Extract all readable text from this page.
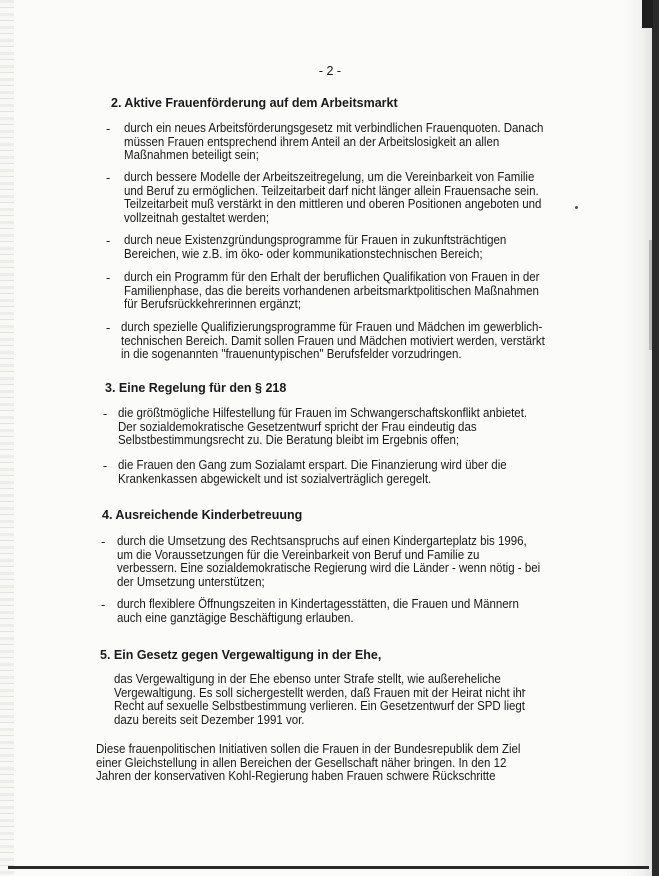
- 2 -
2. Aktive Frauenförderung auf dem Arbeitsmarkt
- durch ein neues Arbeitsförderungsgesetz mit verbindlichen Frauenquoten. Danach
müssen Frauen entsprechend ihrem Anteil an der Arbeitslosigkeit an allen
Maßnahmen beteiligt sein;
- durch bessere Modelle der Arbeitszeitregelung, um die Vereinbarkeit von Familie
und Beruf zu ermöglichen. Teilzeitarbeit darf nicht länger allein Frauensache sein.
Teilzeitarbeit muß verstärkt in den mittleren und oberen Positionen angeboten und
vollzeitnah gestaltet werden;
- durch neue Existenzgründungsprogramme für Frauen in zukunftsträchtigen
Bereichen, wie z.B. im öko- oder kommunikationstechnischen Bereich;
- durch ein Programm für den Erhalt der beruflichen Qualifikation von Frauen in der
Familienphase, das die bereits vorhandenen arbeitsmarktpolitischen Maßnahmen
für Berufsrückkehrerinnen ergänzt;
- durch spezielle Qualifizierungsprogramme für Frauen und Mädchen im gewerblich-
technischen Bereich. Damit sollen Frauen und Mädchen motiviert werden, verstärkt
in die sogenannten "frauenuntypischen" Berufsfelder vorzudringen.
3. Eine Regelung für den § 218
- die größtmögliche Hilfestellung für Frauen im Schwangerschaftskonflikt anbietet.
Der sozialdemokratische Gesetzentwurf spricht der Frau eindeutig das
Selbstbestimmungsrecht zu. Die Beratung bleibt im Ergebnis offen;
- die Frauen den Gang zum Sozialamt erspart. Die Finanzierung wird über die
Krankenkassen abgewickelt und ist sozialverträglich geregelt.
4. Ausreichende Kinderbetreuung
- durch die Umsetzung des Rechtsanspruchs auf einen Kindergarteplatz bis 1996,
um die Voraussetzungen für die Vereinbarkeit von Beruf und Familie zu
verbessern. Eine sozialdemokratische Regierung wird die Länder - wenn nötig - bei
der Umsetzung unterstützen;
- durch flexiblere Öffnungszeiten in Kindertagesstätten, die Frauen und Männern
auch eine ganztägige Beschäftigung erlauben.
5. Ein Gesetz gegen Vergewaltigung in der Ehe,
das Vergewaltigung in der Ehe ebenso unter Strafe stellt, wie außereheliche
Vergewaltigung. Es soll sichergestellt werden, daß Frauen mit der Heirat nicht ihr
Recht auf sexuelle Selbstbestimmung verlieren. Ein Gesetzentwurf der SPD liegt
dazu bereits seit Dezember 1991 vor.
Diese frauenpolitischen Initiativen sollen die Frauen in der Bundesrepublik dem Ziel
einer Gleichstellung in allen Bereichen der Gesellschaft näher bringen. In den 12
Jahren der konservativen Kohl-Regierung haben Frauen schwere Rückschritte
